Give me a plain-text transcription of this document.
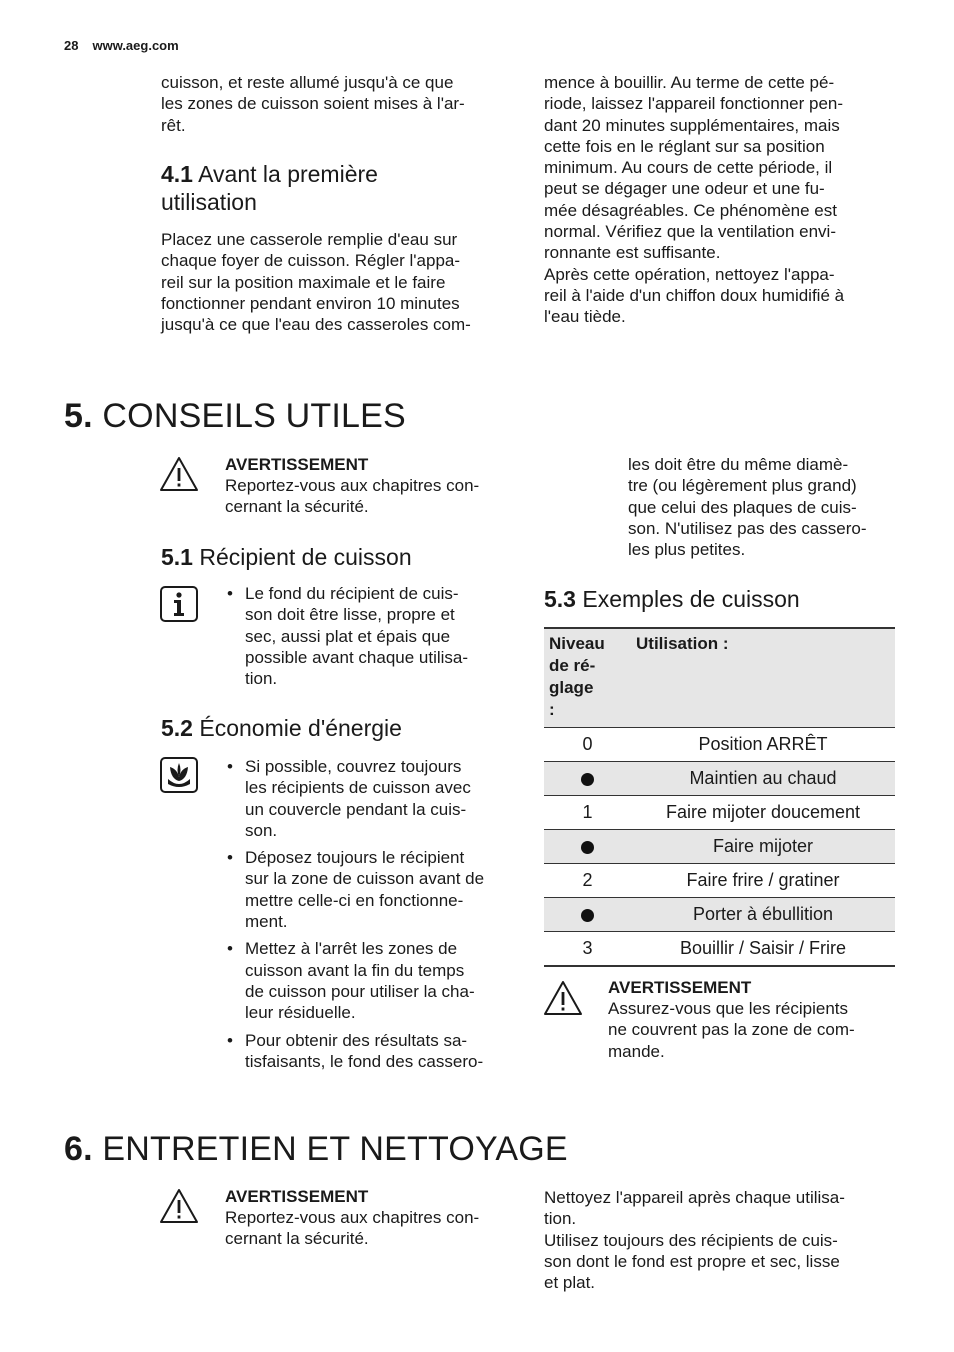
28 www.aeg.com
cuisson, et reste allumé jusqu'à ce que
les zones de cuisson soient mises à l'ar-
rêt.
4.1 Avant la première
utilisation
Placez une casserole remplie d'eau sur
chaque foyer de cuisson. Régler l'appa-
reil sur la position maximale et le faire
fonctionner pendant environ 10 minutes
jusqu'à ce que l'eau des casseroles com-
mence à bouillir. Au terme de cette pé-
riode, laissez l'appareil fonctionner pen-
dant 20 minutes supplémentaires, mais
cette fois en le réglant sur sa position
minimum. Au cours de cette période, il
peut se dégager une odeur et une fu-
mée désagréables. Ce phénomène est
normal. Vérifiez que la ventilation envi-
ronnante est suffisante.
Après cette opération, nettoyez l'appa-
reil à l'aide d'un chiffon doux humidifié à
l'eau tiède.
5. CONSEILS UTILES
AVERTISSEMENT
Reportez-vous aux chapitres con-
cernant la sécurité.
5.1 Récipient de cuisson
• Le fond du récipient de cuis-
son doit être lisse, propre et
sec, aussi plat et épais que
possible avant chaque utilisa-
tion.
5.2 Économie d'énergie
• Si possible, couvrez toujours
les récipients de cuisson avec
un couvercle pendant la cuis-
son.
• Déposez toujours le récipient
sur la zone de cuisson avant de
mettre celle-ci en fonctionne-
ment.
• Mettez à l'arrêt les zones de
cuisson avant la fin du temps
de cuisson pour utiliser la cha-
leur résiduelle.
• Pour obtenir des résultats sa-
tisfaisants, le fond des cassero-
les doit être du même diamè-
tre (ou légèrement plus grand)
que celui des plaques de cuis-
son. N'utilisez pas des cassero-
les plus petites.
5.3 Exemples de cuisson
Niveau
de ré-
glage
:	Utilisation :
0	Position ARRÊT
	Maintien au chaud
1	Faire mijoter doucement
	Faire mijoter
2	Faire frire / gratiner
	Porter à ébullition
3	Bouillir / Saisir / Frire
AVERTISSEMENT
Assurez-vous que les récipients
ne couvrent pas la zone de com-
mande.
6. ENTRETIEN ET NETTOYAGE
AVERTISSEMENT
Reportez-vous aux chapitres con-
cernant la sécurité.
Nettoyez l'appareil après chaque utilisa-
tion.
Utilisez toujours des récipients de cuis-
son dont le fond est propre et sec, lisse
et plat.
